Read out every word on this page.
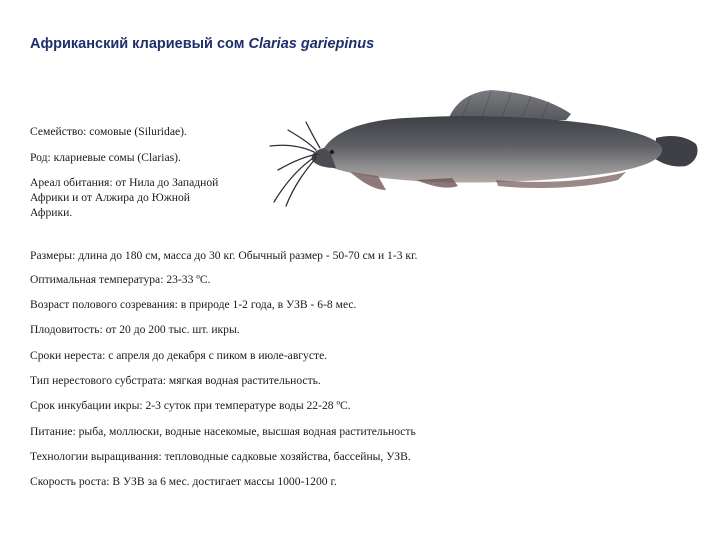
Африканский клариевый сом Clarias gariepinus
Семейство: сомовые (Siluridae).
Род: клариевые сомы (Clarias).
Ареал обитания: от Нила до Западной
Африки и от Алжира до Южной
Африки.
Размеры: длина до 180 см, масса до 30 кг. Обычный размер - 50-70 см и 1-3 кг.
Оптимальная температура: 23-33 ºС.
Возраст полового созревания: в природе 1-2 года, в УЗВ - 6-8 мес.
Плодовитость: от 20 до 200 тыс. шт. икры.
Сроки нереста: с апреля до декабря с пиком в июле-августе.
Тип нерестового субстрата: мягкая водная растительность.
Срок инкубации икры: 2-3 суток при температуре воды 22-28 ºС.
Питание: рыба, моллюски, водные насекомые, высшая водная растительность
Технологии выращивания: тепловодные садковые хозяйства, бассейны, УЗВ.
Скорость роста: В УЗВ за 6 мес. достигает массы 1000-1200 г.
